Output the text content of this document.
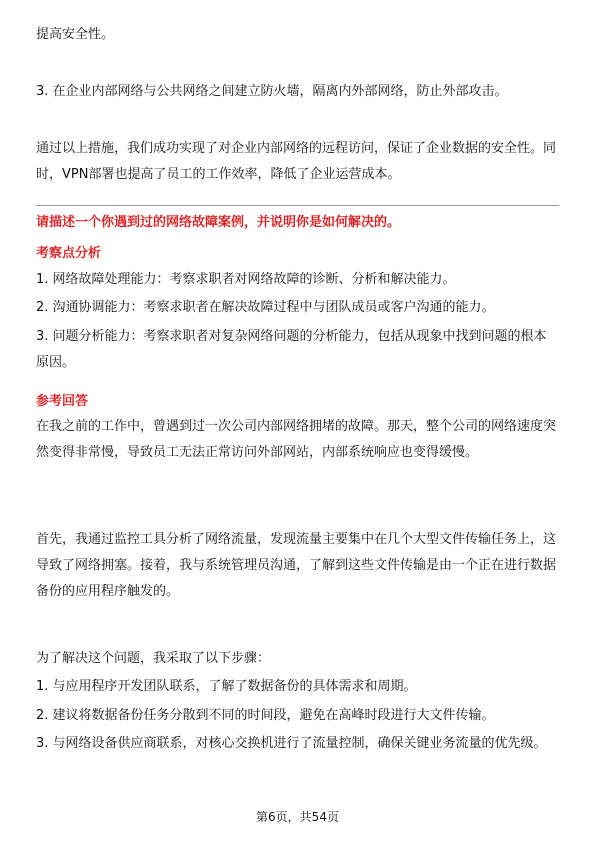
提高安全性。

3. 在企业内部网络与公共网络之间建立防火墙，隔离内外部网络，防止外部攻击。

通过以上措施，我们成功实现了对企业内部网络的远程访问，保证了企业数据的安全性。同时，VPN部署也提高了员工的工作效率，降低了企业运营成本。

请描述一个你遇到过的网络故障案例，并说明你是如何解决的。

考察点分析

1. 网络故障处理能力：考察求职者对网络故障的诊断、分析和解决能力。

2. 沟通协调能力：考察求职者在解决故障过程中与团队成员或客户沟通的能力。

3. 问题分析能力：考察求职者对复杂网络问题的分析能力，包括从现象中找到问题的根本原因。

参考回答

在我之前的工作中，曾遇到过一次公司内部网络拥堵的故障。那天，整个公司的网络速度突然变得非常慢，导致员工无法正常访问外部网站，内部系统响应也变得缓慢。

首先，我通过监控工具分析了网络流量，发现流量主要集中在几个大型文件传输任务上，这导致了网络拥塞。接着，我与系统管理员沟通，了解到这些文件传输是由一个正在进行数据备份的应用程序触发的。

为了解决这个问题，我采取了以下步骤：

1. 与应用程序开发团队联系，了解了数据备份的具体需求和周期。

2. 建议将数据备份任务分散到不同的时间段，避免在高峰时段进行大文件传输。

3. 与网络设备供应商联系，对核心交换机进行了流量控制，确保关键业务流量的优先级。

第6页，共54页
